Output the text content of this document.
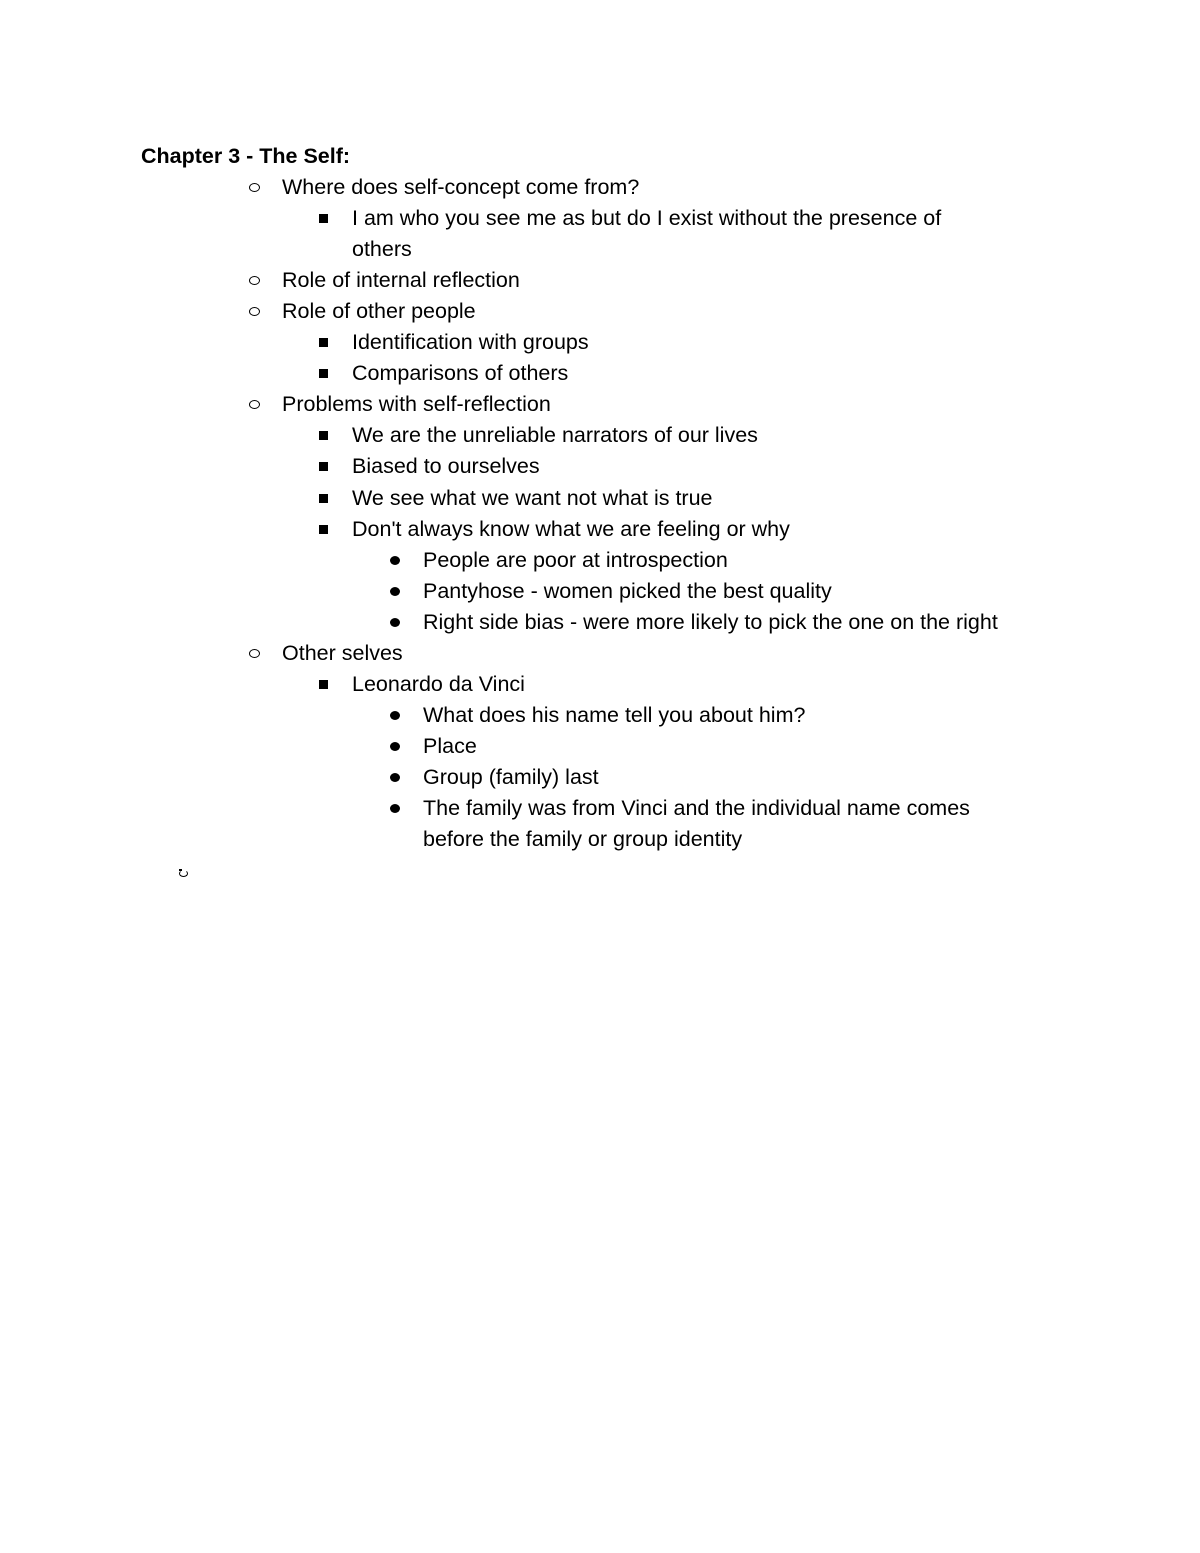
Chapter 3 - The Self:
Where does self-concept come from?
I am who you see me as but do I exist without the presence of
others
Role of internal reflection
Role of other people
Identification with groups
Comparisons of others
Problems with self-reflection
We are the unreliable narrators of our lives
Biased to ourselves
We see what we want not what is true
Don't always know what we are feeling or why
People are poor at introspection
Pantyhose - women picked the best quality
Right side bias - were more likely to pick the one on the right
Other selves
Leonardo da Vinci
What does his name tell you about him?
Place
Group (family) last
The family was from Vinci and the individual name comes
before the family or group identity
